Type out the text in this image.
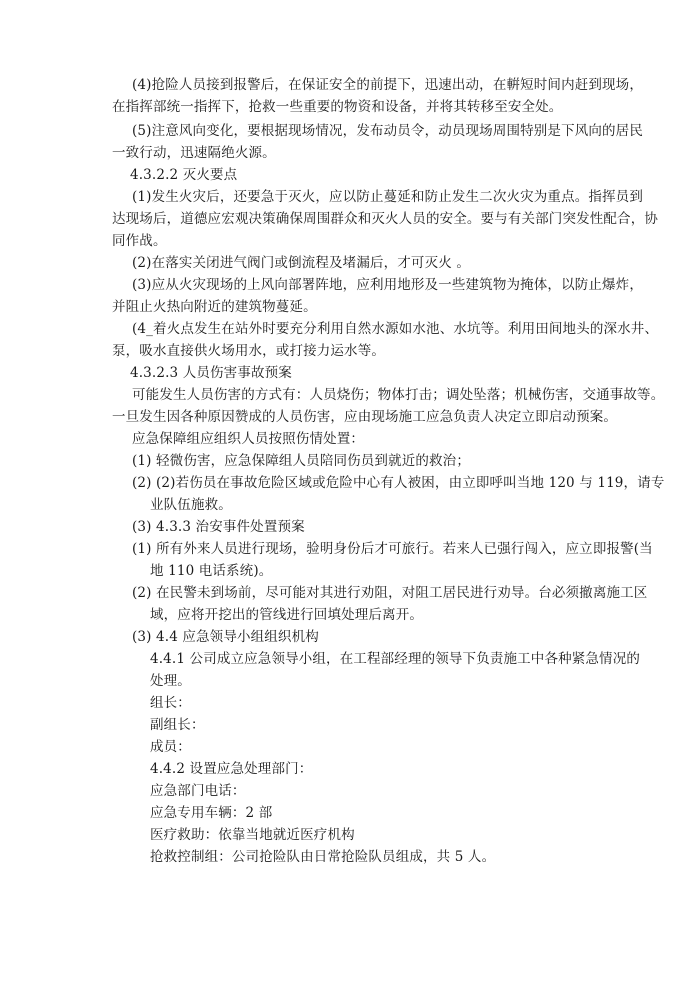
(4)抢险人员接到报警后，在保证安全的前提下，迅速出动，在輧短时间内赶到现场，
在指挥部统一指挥下，抢救一些重要的物资和设备，并将其转移至安全处。
(5)注意风向变化，要根据现场情况，发布动员令，动员现场周围特别是下风向的居民
一致行动，迅速隔绝火源。
4.3.2.2 灭火要点
(1)发生火灾后，还要急于灭火，应以防止蔓延和防止发生二次火灾为重点。指挥员到
达现场后，道德应宏观决策确保周围群众和灭火人员的安全。要与有关部门突发性配合，协
同作战。
(2)在落实关闭进气阀门或倒流程及堵漏后，才可灭火 。
(3)应从火灾现场的上风向部署阵地，应利用地形及一些建筑物为掩体，以防止爆炸，
并阻止火热向附近的建筑物蔓延。
(4_着火点发生在站外时要充分利用自然水源如水池、水坑等。利用田间地头的深水井、
泵，吸水直接供火场用水，或打接力运水等。
4.3.2.3 人员伤害事故预案
可能发生人员伤害的方式有：人员烧伤；物体打击；调处坠落；机械伤害，交通事故等。
一旦发生因各种原因赞成的人员伤害，应由现场施工应急负责人决定立即启动预案。
应急保障组应组织人员按照伤情处置：
(1) 轻微伤害，应急保障组人员陪同伤员到就近的救治；
(2) (2)若伤员在事故危险区域或危险中心有人被困，由立即呼叫当地 120 与 119，请专
业队伍施救。
(3) 4.3.3 治安事件处置预案
(1) 所有外来人员进行现场，验明身份后才可旅行。若来人已强行闯入，应立即报警(当
地 110 电话系统)。
(2) 在民警未到场前，尽可能对其进行劝阻，对阻工居民进行劝导。台必须撤离施工区
域，应将开挖出的管线进行回填处理后离开。
(3) 4.4 应急领导小组组织机构
4.4.1 公司成立应急领导小组，在工程部经理的领导下负责施工中各种紧急情况的
处理。
组长：
副组长：
成员：
4.4.2 设置应急处理部门：
应急部门电话：
应急专用车辆：2 部
医疗救助：依靠当地就近医疗机构
抢救控制组：公司抢险队由日常抢险队员组成，共 5 人。
